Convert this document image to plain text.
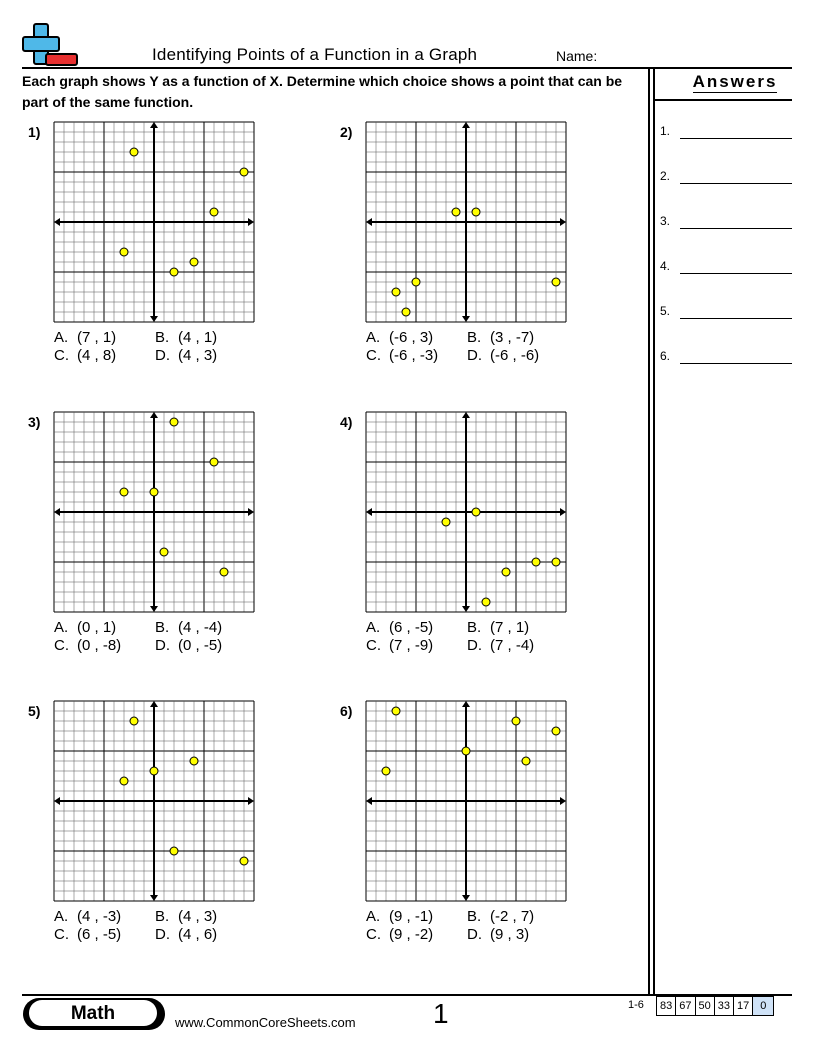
Identifying Points of a Function in a Graph	Name:
Each graph shows Y as a function of X. Determine which choice shows a point that can be part of the same function.
Answers
1.
2.
3.
4.
5.
6.
1)
A. (7 , 1)	B. (4 , 1)
C. (4 , 8)	D. (4 , 3)
2)
A. (-6 , 3) B. (3 , -7)
C. (-6 , -3) D. (-6 , -6)
3)
A. (0 , 1)	B. (4 , -4)
C. (0 , -8) D. (0 , -5)
4)
A. (6 , -5) B. (7 , 1)
C. (7 , -9) D. (7 , -4)
5)
A. (4 , -3) B. (4 , 3)
C. (6 , -5) D. (4 , 6)
6)
A. (9 , -1) B. (-2 , 7)
C. (9 , -2) D. (9 , 3)
Math	www.CommonCoreSheets.com	1	1-6 83 67 50 33 17	0
